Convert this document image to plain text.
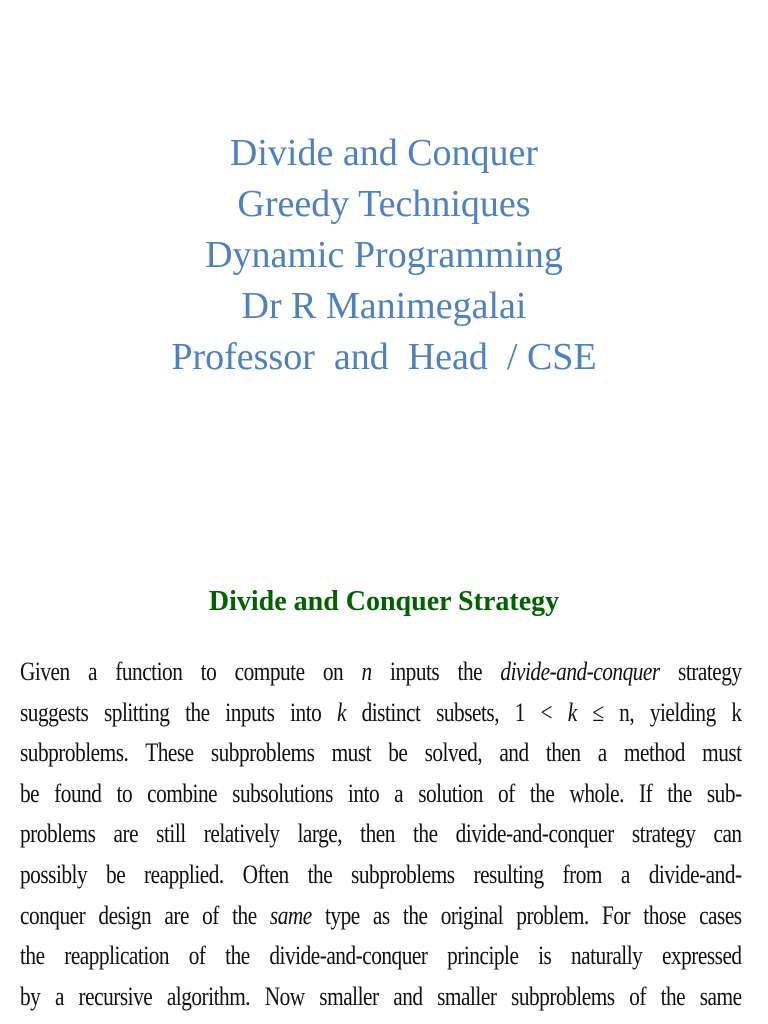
Divide and Conquer
Greedy Techniques
Dynamic Programming
Dr R Manimegalai
Professor  and  Head  / CSE
Divide and Conquer Strategy
Given a function to compute on n inputs the divide-and-conquer strategy
suggests splitting the inputs into k distinct subsets, 1 < k ≤ n, yielding k
subproblems. These subproblems must be solved, and then a method must
be found to combine subsolutions into a solution of the whole. If the sub-
problems are still relatively large, then the divide-and-conquer strategy can
possibly be reapplied. Often the subproblems resulting from a divide-and-
conquer design are of the same type as the original problem. For those cases
the reapplication of the divide-and-conquer principle is naturally expressed
by a recursive algorithm. Now smaller and smaller subproblems of the same
